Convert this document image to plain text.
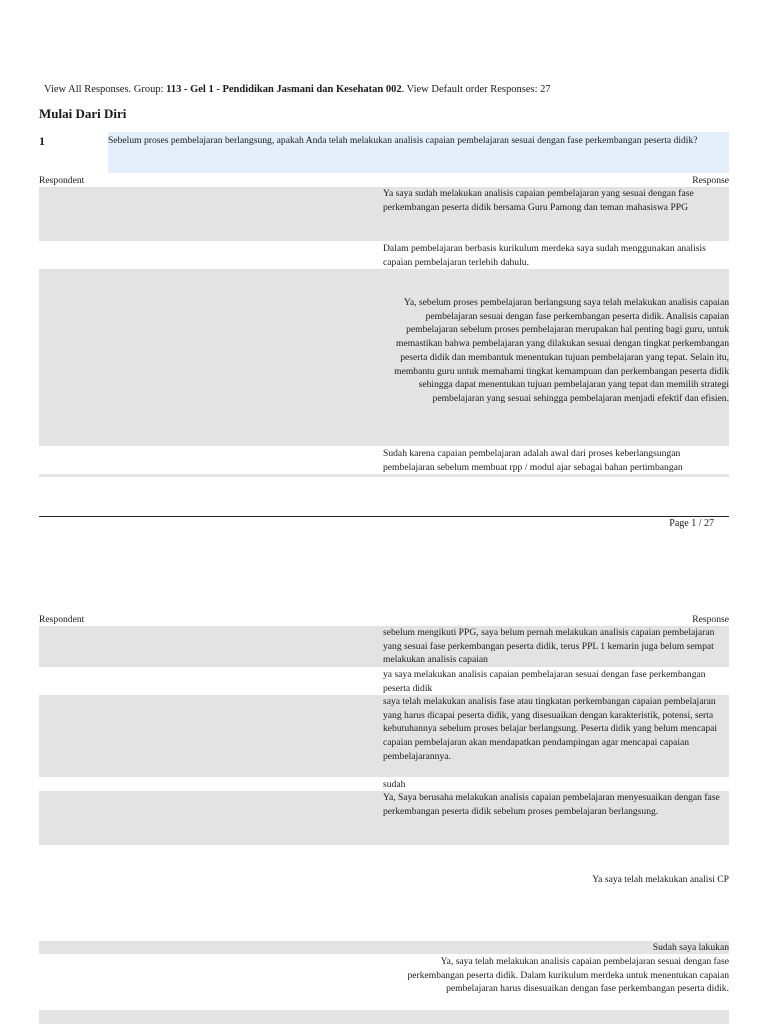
View All Responses. Group: 113 - Gel 1 - Pendidikan Jasmani dan Kesehatan 002. View Default order Responses: 27
Mulai Dari Diri
1	Sebelum proses pembelajaran berlangsung, apakah Anda telah melakukan analisis capaian pembelajaran sesuai dengan fase perkembangan peserta didik?
Respondent	Response
Ya saya sudah melakukan analisis capaian pembelajaran yang sesuai dengan fase perkembangan peserta didik bersama Guru Pamong dan teman mahasiswa PPG
Dalam pembelajaran berbasis kurikulum merdeka saya sudah menggunakan analisis capaian pembelajaran terlebih dahulu.
Ya, sebelum proses pembelajaran berlangsung saya telah melakukan analisis capaian pembelajaran sesuai dengan fase perkembangan peserta didik. Analisis capaian pembelajaran sebelum proses pembelajaran merupakan hal penting bagi guru, untuk memastikan bahwa pembelajaran yang dilakukan sesuai dengan tingkat perkembangan peserta didik dan membantuk menentukan tujuan pembelajaran yang tepat. Selain itu, membantu guru untuk memahami tingkat kemampuan dan perkembangan peserta didik sehingga dapat menentukan tujuan pembelajaran yang tepat dan memilih strategi pembelajaran yang sesuai sehingga pembelajaran menjadi efektif dan efisien.
Sudah karena capaian pembelajaran adalah awal dari proses keberlangsungan pembelajaran sebelum membuat rpp / modul ajar sebagai bahan pertimbangan
Page 1 / 27
Respondent	Response
sebelum mengikuti PPG, saya belum pernah melakukan analisis capaian pembelajaran yang sesuai fase perkembangan peserta didik, terus PPL 1 kemarin juga belum sempat melakukan analisis capaian
ya saya melakukan analisis capaian pembelajaran sesuai dengan fase perkembangan peserta didik
saya telah melakukan analisis fase atau tingkatan perkembangan capaian pembelajaran yang harus dicapai peserta didik, yang disesuaikan dengan karakteristik, potensi, serta kebutuhannya sebelum proses belajar berlangsung. Peserta didik yang belum mencapai capaian pembelajaran akan mendapatkan pendampingan agar mencapai capaian pembelajarannya.
sudah
Ya, Saya berusaha melakukan analisis capaian pembelajaran menyesuaikan dengan fase perkembangan peserta didik sebelum proses pembelajaran berlangsung.
Ya saya telah melakukan analisi CP
Sudah saya lakukan
Ya, saya telah melakukan analisis capaian pembelajaran sesuai dengan fase perkembangan peserta didik. Dalam kurikulum merdeka untuk menentukan capaian pembelajaran harus disesuaikan dengan fase perkembangan peserta didik.
